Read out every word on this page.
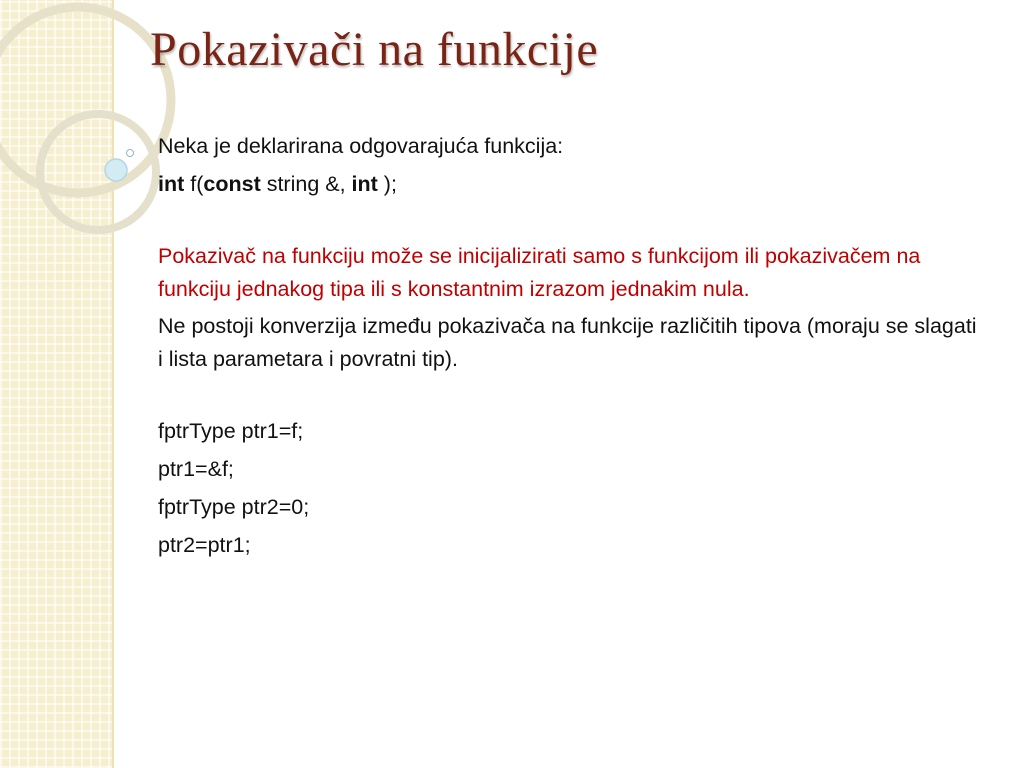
Pokazivači na funkcije
Neka je deklarirana odgovarajuća funkcija:
int f(const string &, int );
Pokazivač na funkciju može se inicijalizirati samo s funkcijom ili pokazivačem na funkciju jednakog tipa ili s konstantnim izrazom jednakim nula.
Ne postoji konverzija između pokazivača na funkcije različitih tipova (moraju se slagati i lista parametara i povratni tip).
fptrType ptr1=f;
ptr1=&f;
fptrType ptr2=0;
ptr2=ptr1;
